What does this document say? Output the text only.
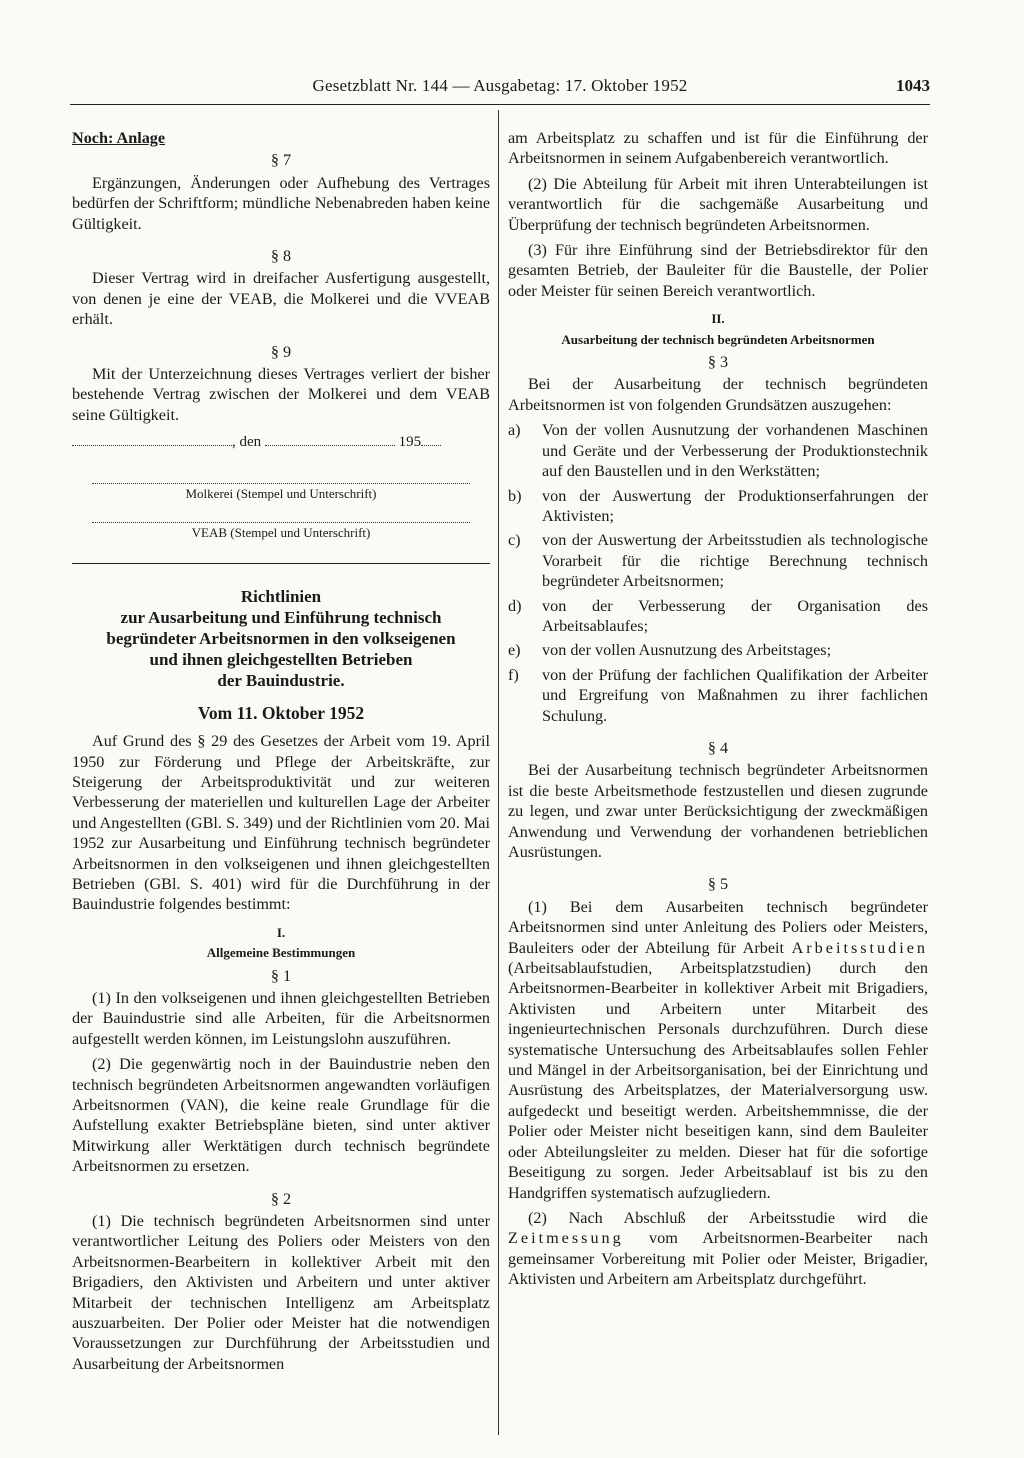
Gesetzblatt Nr. 144 — Ausgabetag: 17. Oktober 1952	1043

Noch: Anlage

§ 7

Ergänzungen, Änderungen oder Aufhebung des Vertrages bedürfen der Schriftform; mündliche Nebenabreden haben keine Gültigkeit.

§ 8

Dieser Vertrag wird in dreifacher Ausfertigung ausgestellt, von denen je eine der VEAB, die Molkerei und die VVEAB erhält.

§ 9

Mit der Unterzeichnung dieses Vertrages verliert der bisher bestehende Vertrag zwischen der Molkerei und dem VEAB seine Gültigkeit.

, den	195

Molkerei (Stempel und Unterschrift)

VEAB (Stempel und Unterschrift)

Richtlinien

zur Ausarbeitung und Einführung technisch

begründeter Arbeitsnormen in den volkseigenen

und ihnen gleichgestellten Betrieben

der Bauindustrie.

Vom 11. Oktober 1952

Auf Grund des § 29 des Gesetzes der Arbeit vom 19. April 1950 zur Förderung und Pflege der Arbeitskräfte, zur Steigerung der Arbeitsproduktivität und zur weiteren Verbesserung der materiellen und kulturellen Lage der Arbeiter und Angestellten (GBl. S. 349) und der Richtlinien vom 20. Mai 1952 zur Ausarbeitung und Einführung technisch begründeter Arbeitsnormen in den volkseigenen und ihnen gleichgestellten Betrieben (GBl. S. 401) wird für die Durchführung in der Bauindustrie folgendes bestimmt:

I.

Allgemeine Bestimmungen

§ 1

(1) In den volkseigenen und ihnen gleichgestellten Betrieben der Bauindustrie sind alle Arbeiten, für die Arbeitsnormen aufgestellt werden können, im Leistungslohn auszuführen.

(2) Die gegenwärtig noch in der Bauindustrie neben den technisch begründeten Arbeitsnormen angewandten vorläufigen Arbeitsnormen (VAN), die keine reale Grundlage für die Aufstellung exakter Betriebspläne bieten, sind unter aktiver Mitwirkung aller Werktätigen durch technisch begründete Arbeitsnormen zu ersetzen.

§ 2

(1) Die technisch begründeten Arbeitsnormen sind unter verantwortlicher Leitung des Poliers oder Meisters von den Arbeitsnormen-Bearbeitern in kollektiver Arbeit mit den Brigadiers, den Aktivisten und Arbeitern und unter aktiver Mitarbeit der technischen Intelligenz am Arbeitsplatz auszuarbeiten. Der Polier oder Meister hat die notwendigen Voraussetzungen zur Durchführung der Arbeitsstudien und Ausarbeitung der Arbeitsnormen

am Arbeitsplatz zu schaffen und ist für die Einführung der Arbeitsnormen in seinem Aufgabenbereich verantwortlich.

(2) Die Abteilung für Arbeit mit ihren Unterabteilungen ist verantwortlich für die sachgemäße Ausarbeitung und Überprüfung der technisch begründeten Arbeitsnormen.

(3) Für ihre Einführung sind der Betriebsdirektor für den gesamten Betrieb, der Bauleiter für die Baustelle, der Polier oder Meister für seinen Bereich verantwortlich.

II.

Ausarbeitung der technisch begründeten Arbeitsnormen

§ 3

Bei der Ausarbeitung der technisch begründeten Arbeitsnormen ist von folgenden Grundsätzen auszugehen:

a)	Von der vollen Ausnutzung der vorhandenen Maschinen und Geräte und der Verbesserung der Produktionstechnik auf den Baustellen und in den Werkstätten;
b)	von der Auswertung der Produktionserfahrungen der Aktivisten;
c)	von der Auswertung der Arbeitsstudien als technologische Vorarbeit für die richtige Berechnung technisch begründeter Arbeitsnormen;
d)	von der Verbesserung der Organisation des Arbeitsablaufes;
e)	von der vollen Ausnutzung des Arbeitstages;
f)	von der Prüfung der fachlichen Qualifikation der Arbeiter und Ergreifung von Maßnahmen zu ihrer fachlichen Schulung.

§ 4

Bei der Ausarbeitung technisch begründeter Arbeitsnormen ist die beste Arbeitsmethode festzustellen und diesen zugrunde zu legen, und zwar unter Berücksichtigung der zweckmäßigen Anwendung und Verwendung der vorhandenen betrieblichen Ausrüstungen.

§ 5

(1) Bei dem Ausarbeiten technisch begründeter Arbeitsnormen sind unter Anleitung des Poliers oder Meisters, Bauleiters oder der Abteilung für Arbeit Arbeitsstudien (Arbeitsablaufstudien, Arbeitsplatzstudien) durch den Arbeitsnormen-Bearbeiter in kollektiver Arbeit mit Brigadiers, Aktivisten und Arbeitern unter Mitarbeit des ingenieurtechnischen Personals durchzuführen. Durch diese systematische Untersuchung des Arbeitsablaufes sollen Fehler und Mängel in der Arbeitsorganisation, bei der Einrichtung und Ausrüstung des Arbeitsplatzes, der Materialversorgung usw. aufgedeckt und beseitigt werden. Arbeitshemmnisse, die der Polier oder Meister nicht beseitigen kann, sind dem Bauleiter oder Abteilungsleiter zu melden. Dieser hat für die sofortige Beseitigung zu sorgen. Jeder Arbeitsablauf ist bis zu den Handgriffen systematisch aufzugliedern.

(2) Nach Abschluß der Arbeitsstudie wird die Zeitmessung vom Arbeitsnormen-Bearbeiter nach gemeinsamer Vorbereitung mit Polier oder Meister, Brigadier, Aktivisten und Arbeitern am Arbeitsplatz durchgeführt.
